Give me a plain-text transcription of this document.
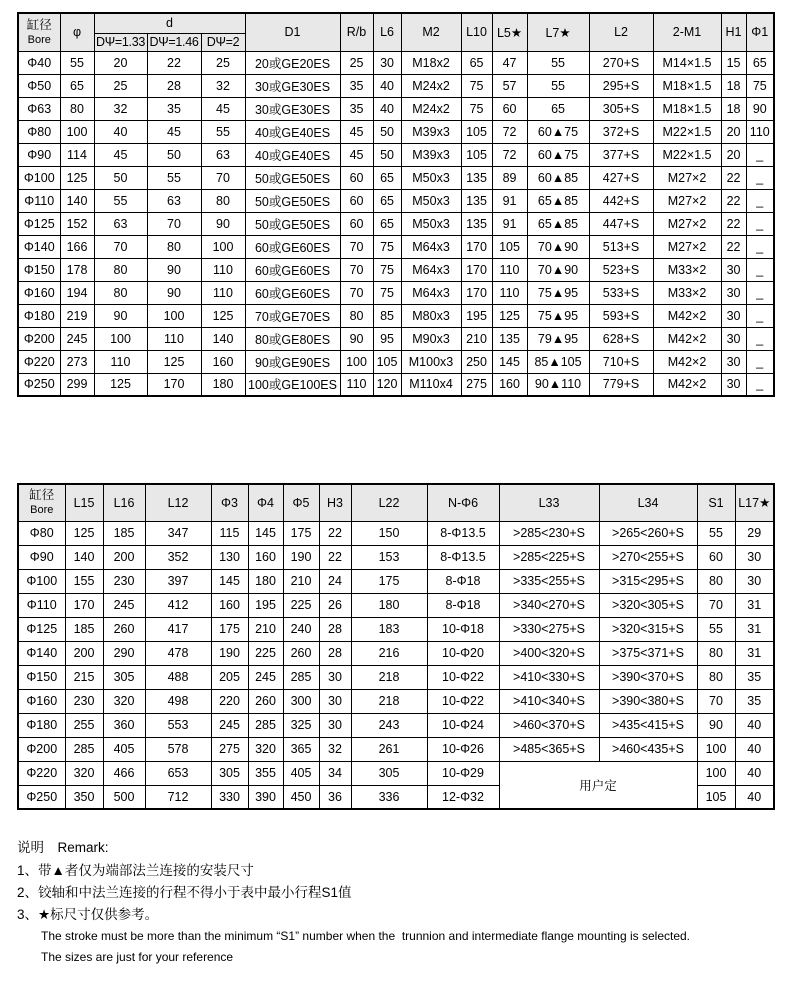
缸径
Bore	φ	d			D1	R/b	L6	M2	L10	L5★	L7★	L2	2-M1	H1	Φ1
		DΨ=1.33	DΨ=1.46	DΨ=2											
Φ40	55	20	22	25	20或GE20ES	25	30	M18x2	65	47	55	270+S	M14×1.5	15	65
Φ50	65	25	28	32	30或GE30ES	35	40	M24x2	75	57	55	295+S	M18×1.5	18	75
Φ63	80	32	35	45	30或GE30ES	35	40	M24x2	75	60	65	305+S	M18×1.5	18	90
Φ80	100	40	45	55	40或GE40ES	45	50	M39x3	105	72	60▲75	372+S	M22×1.5	20	110
Φ90	114	45	50	63	40或GE40ES	45	50	M39x3	105	72	60▲75	377+S	M22×1.5	20	_
Φ100	125	50	55	70	50或GE50ES	60	65	M50x3	135	89	60▲85	427+S	M27×2	22	_
Φ110	140	55	63	80	50或GE50ES	60	65	M50x3	135	91	65▲85	442+S	M27×2	22	_
Φ125	152	63	70	90	50或GE50ES	60	65	M50x3	135	91	65▲85	447+S	M27×2	22	_
Φ140	166	70	80	100	60或GE60ES	70	75	M64x3	170	105	70▲90	513+S	M27×2	22	_
Φ150	178	80	90	110	60或GE60ES	70	75	M64x3	170	110	70▲90	523+S	M33×2	30	_
Φ160	194	80	90	110	60或GE60ES	70	75	M64x3	170	110	75▲95	533+S	M33×2	30	_
Φ180	219	90	100	125	70或GE70ES	80	85	M80x3	195	125	75▲95	593+S	M42×2	30	_
Φ200	245	100	110	140	80或GE80ES	90	95	M90x3	210	135	79▲95	628+S	M42×2	30	_
Φ220	273	110	125	160	90或GE90ES	100	105	M100x3	250	145	85▲105	710+S	M42×2	30	_
Φ250	299	125	170	180	100或GE100ES	110	120	M110x4	275	160	90▲110	779+S	M42×2	30	_
缸径
Bore	L15	L16	L12	Φ3	Φ4	Φ5	H3	L22	N-Φ6	L33	L34	S1	L17★
Φ80	125	185	347	115	145	175	22	150	8-Φ13.5	>285<230+S	>265<260+S	55	29
Φ90	140	200	352	130	160	190	22	153	8-Φ13.5	>285<225+S	>270<255+S	60	30
Φ100	155	230	397	145	180	210	24	175	8-Φ18	>335<255+S	>315<295+S	80	30
Φ110	170	245	412	160	195	225	26	180	8-Φ18	>340<270+S	>320<305+S	70	31
Φ125	185	260	417	175	210	240	28	183	10-Φ18	>330<275+S	>320<315+S	55	31
Φ140	200	290	478	190	225	260	28	216	10-Φ20	>400<320+S	>375<371+S	80	31
Φ150	215	305	488	205	245	285	30	218	10-Φ22	>410<330+S	>390<370+S	80	35
Φ160	230	320	498	220	260	300	30	218	10-Φ22	>410<340+S	>390<380+S	70	35
Φ180	255	360	553	245	285	325	30	243	10-Φ24	>460<370+S	>435<415+S	90	40
Φ200	285	405	578	275	320	365	32	261	10-Φ26	>485<365+S	>460<435+S	100	40
Φ220	320	466	653	305	355	405	34	305	10-Φ29	用户定		100	40
Φ250	350	500	712	330	390	450	36	336	12-Φ32			105	40
说明　Remark:
1、带▲者仅为端部法兰连接的安装尺寸
2、铰轴和中法兰连接的行程不得小于表中最小行程S1值
3、★标尺寸仅供参考。
The stroke must be more than the minimum “S1” number when the  trunnion and intermediate flange mounting is selected.
The sizes are just for your reference
